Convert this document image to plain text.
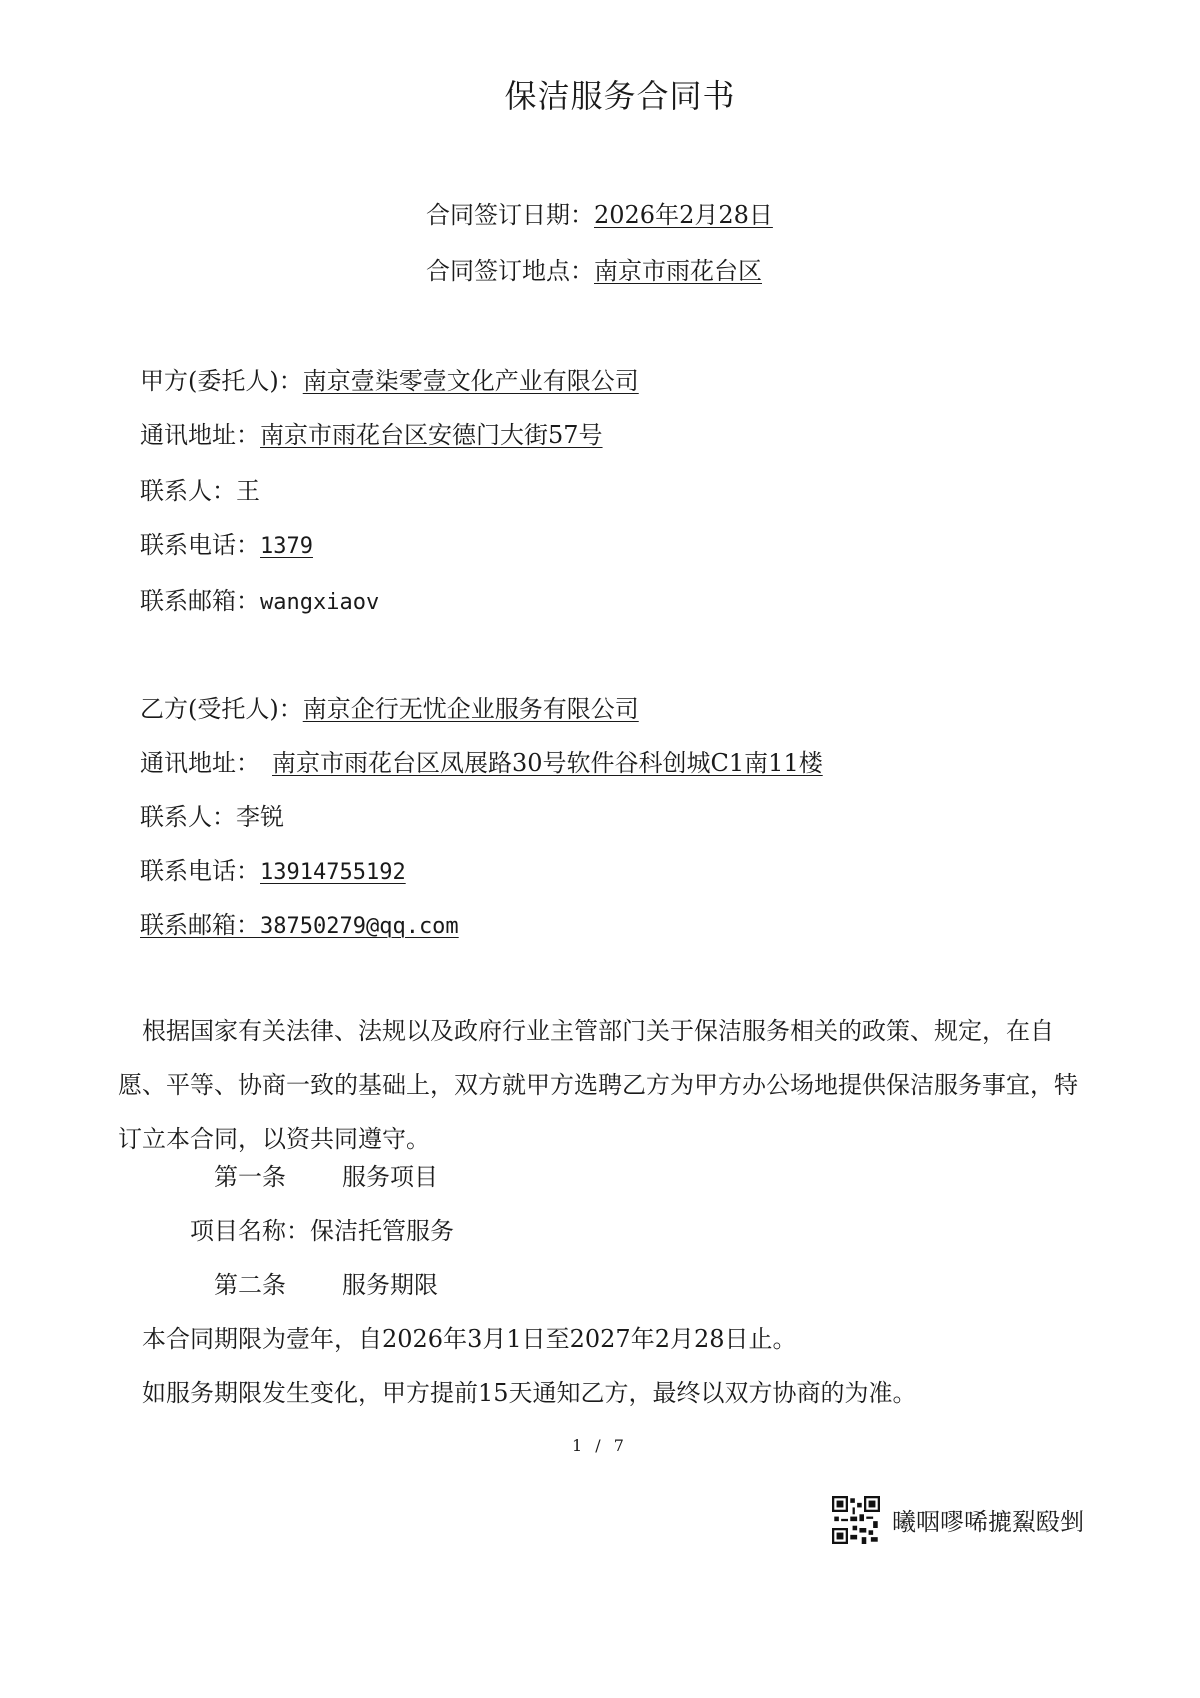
保洁服务合同书
合同签订日期：2026年2月28日
合同签订地点：南京市雨花台区
甲方(委托人)：南京壹柒零壹文化产业有限公司
通讯地址：南京市雨花台区安德门大街57号
联系人：王
联系电话：1379
联系邮箱：wangxiaov
乙方(受托人)：南京企行无忧企业服务有限公司
通讯地址： 南京市雨花台区凤展路30号软件谷科创城C1南11楼
联系人：李锐
联系电话：13914755192
联系邮箱：38750279@qq.com
根据国家有关法律、法规以及政府行业主管部门关于保洁服务相关的政策、规定，在自愿、平等、协商一致的基础上，双方就甲方选聘乙方为甲方办公场地提供保洁服务事宜，特订立本合同，以资共同遵守。
第一条 服务项目
项目名称：保洁托管服务
第二条 服务期限
本合同期限为壹年，自2026年3月1日至2027年2月28日止。
如服务期限发生变化，甲方提前15天通知乙方，最终以双方协商的为准。
1 / 7
曦咽嘐唏摝鮤殹剉
